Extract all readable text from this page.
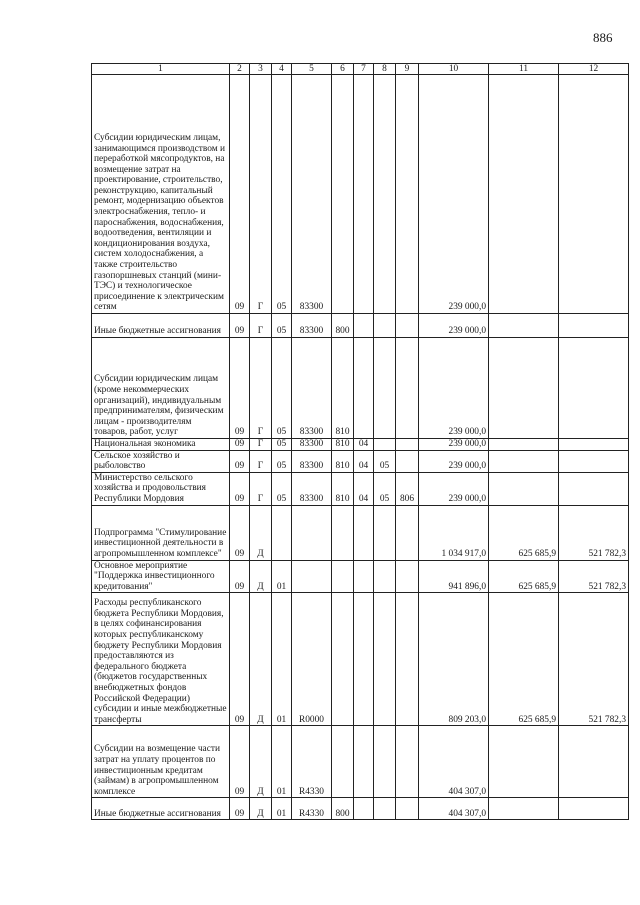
886
1	2	3	4	5	6	7	8	9	10	11	12
Субсидии юридическим лицам, занимающимся производством и переработкой мясопродуктов, на возмещение затрат на проектирование, строительство, реконструкцию, капитальный ремонт, модернизацию объектов электроснабжения, тепло- и пароснабжения, водоснабжения, водоотведения, вентиляции и кондиционирования воздуха, систем холодоснабжения, а также строительство газопоршневых станций (мини-ТЭС) и технологическое присоединение к электрическим сетям	09	Г	05	83300					239 000,0		
Иные бюджетные ассигнования	09	Г	05	83300	800				239 000,0		
Субсидии юридическим лицам (кроме некоммерческих организаций), индивидуальным предпринимателям, физическим лицам - производителям товаров, работ, услуг	09	Г	05	83300	810				239 000,0		
Национальная экономика	09	Г	05	83300	810	04			239 000,0		
Сельское хозяйство и рыболовство	09	Г	05	83300	810	04	05		239 000,0		
Министерство сельского хозяйства и продовольствия Республики Мордовия	09	Г	05	83300	810	04	05	806	239 000,0		
Подпрограмма "Стимулирование инвестиционной деятельности в агропромышленном комплексе"	09	Д							1 034 917,0	625 685,9	521 782,3
Основное мероприятие "Поддержка инвестиционного кредитования"	09	Д	01						941 896,0	625 685,9	521 782,3
Расходы республиканского бюджета Республики Мордовия, в целях софинансирования которых республиканскому бюджету Республики Мордовия предоставляются из федерального бюджета (бюджетов государственных внебюджетных фондов Российской Федерации) субсидии и иные межбюджетные трансферты	09	Д	01	R0000					809 203,0	625 685,9	521 782,3
Субсидии на возмещение части затрат на уплату процентов по инвестиционным кредитам (займам) в агропромышленном комплексе	09	Д	01	R4330					404 307,0		
Иные бюджетные ассигнования	09	Д	01	R4330	800				404 307,0		
